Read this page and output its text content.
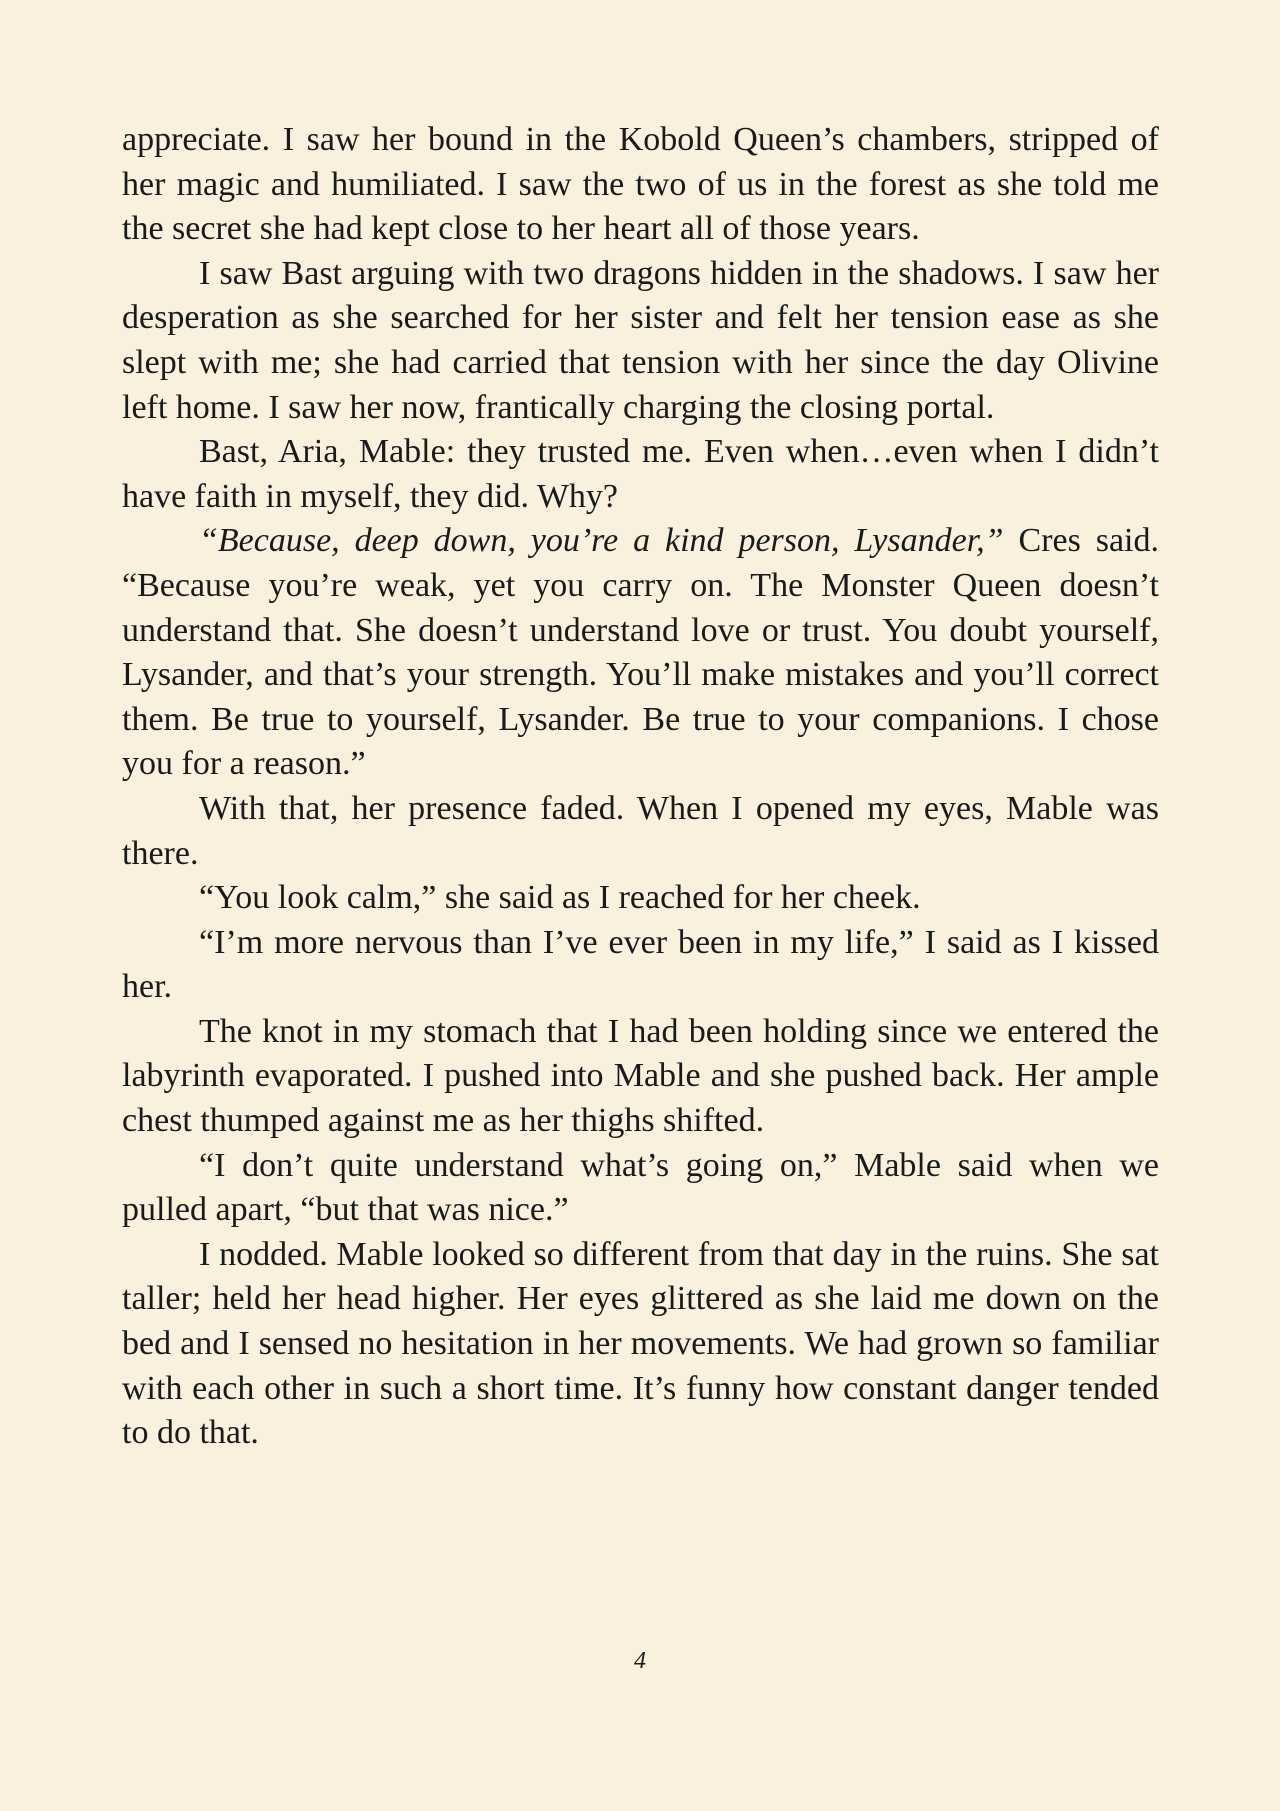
appreciate. I saw her bound in the Kobold Queen’s chambers, stripped of her magic and humiliated. I saw the two of us in the forest as she told me the secret she had kept close to her heart all of those years.

I saw Bast arguing with two dragons hidden in the shadows. I saw her desperation as she searched for her sister and felt her tension ease as she slept with me; she had carried that tension with her since the day Olivine left home. I saw her now, frantically charging the closing portal.

Bast, Aria, Mable: they trusted me. Even when…even when I didn’t have faith in myself, they did. Why?

“Because, deep down, you’re a kind person, Lysander,” Cres said. “Because you’re weak, yet you carry on. The Monster Queen doesn’t understand that. She doesn’t understand love or trust. You doubt yourself, Lysander, and that’s your strength. You’ll make mistakes and you’ll correct them. Be true to yourself, Lysander. Be true to your companions. I chose you for a reason.”

With that, her presence faded. When I opened my eyes, Mable was there.

“You look calm,” she said as I reached for her cheek.

“I’m more nervous than I’ve ever been in my life,” I said as I kissed her.

The knot in my stomach that I had been holding since we entered the labyrinth evaporated. I pushed into Mable and she pushed back. Her ample chest thumped against me as her thighs shifted.

“I don’t quite understand what’s going on,” Mable said when we pulled apart, “but that was nice.”

I nodded. Mable looked so different from that day in the ruins. She sat taller; held her head higher. Her eyes glittered as she laid me down on the bed and I sensed no hesitation in her movements. We had grown so familiar with each other in such a short time. It’s funny how constant danger tended to do that.

4
